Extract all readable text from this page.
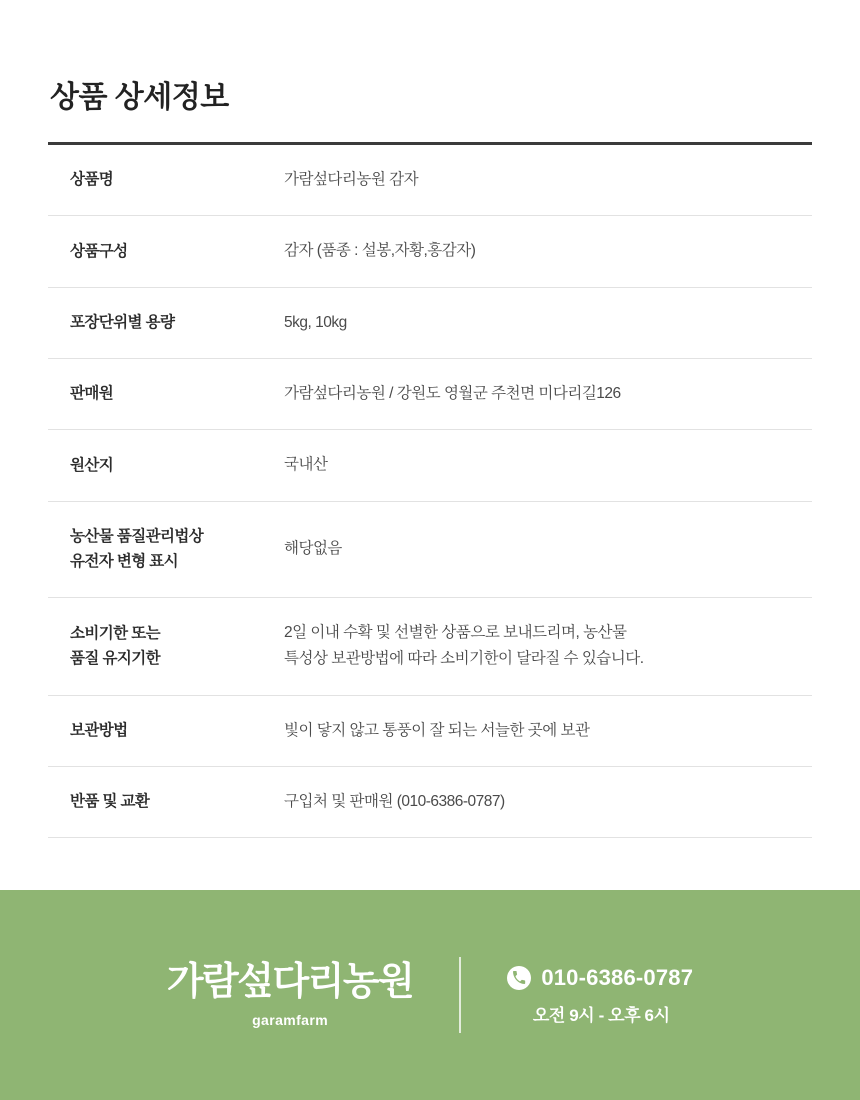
상품 상세정보
상품명	가람섶다리농원 감자
상품구성	감자 (품종 : 설봉,자황,홍감자)
포장단위별 용량	5kg, 10kg
판매원	가람섶다리농원 / 강원도 영월군 주천면 미다리길126
원산지	국내산
농산물 품질관리법상
유전자 변형 표시	해당없음
소비기한 또는
품질 유지기한	2일 이내 수확 및 선별한 상품으로 보내드리며, 농산물
특성상 보관방법에 따라 소비기한이 달라질 수 있습니다.
보관방법	빛이 닿지 않고 통풍이 잘 되는 서늘한 곳에 보관
반품 및 교환	구입처 및 판매원 (010-6386-0787)
가람섶다리농원
garamfarm
010-6386-0787
오전 9시 - 오후 6시
